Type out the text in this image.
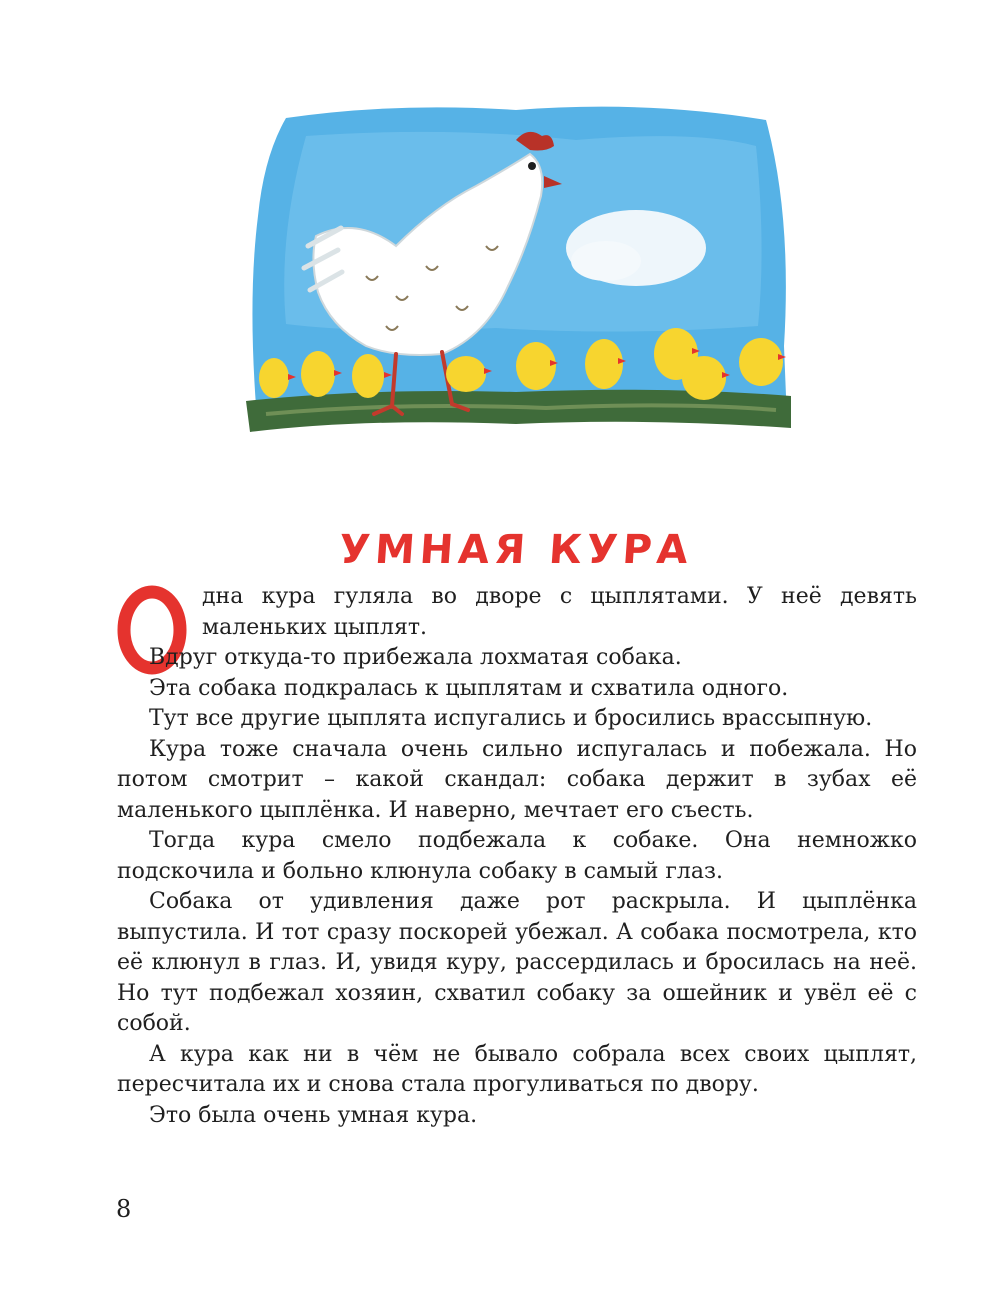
УМНАЯ КУРА

дна кура гуляла во дворе с цыплятами. У неё девять маленьких цыплят.

Вдруг откуда-то прибежала лохматая собака.

Эта собака подкралась к цыплятам и схватила одного.

Тут все другие цыплята испугались и бросились врассыпную.

Кура тоже сначала очень сильно испугалась и побежала. Но потом смотрит – какой скандал: собака держит в зубах её маленького цыплёнка. И наверно, мечтает его съесть.

Тогда кура смело подбежала к собаке. Она немножко подскочила и больно клюнула собаку в самый глаз.

Собака от удивления даже рот раскрыла. И цыплёнка выпустила. И тот сразу поскорей убежал. А собака посмотрела, кто её клюнул в глаз. И, увидя куру, рассердилась и бросилась на неё. Но тут подбежал хозяин, схватил собаку за ошейник и увёл её с собой.

А кура как ни в чём не бывало собрала всех своих цыплят, пересчитала их и снова стала прогуливаться по двору.

Это была очень умная кура.

8
